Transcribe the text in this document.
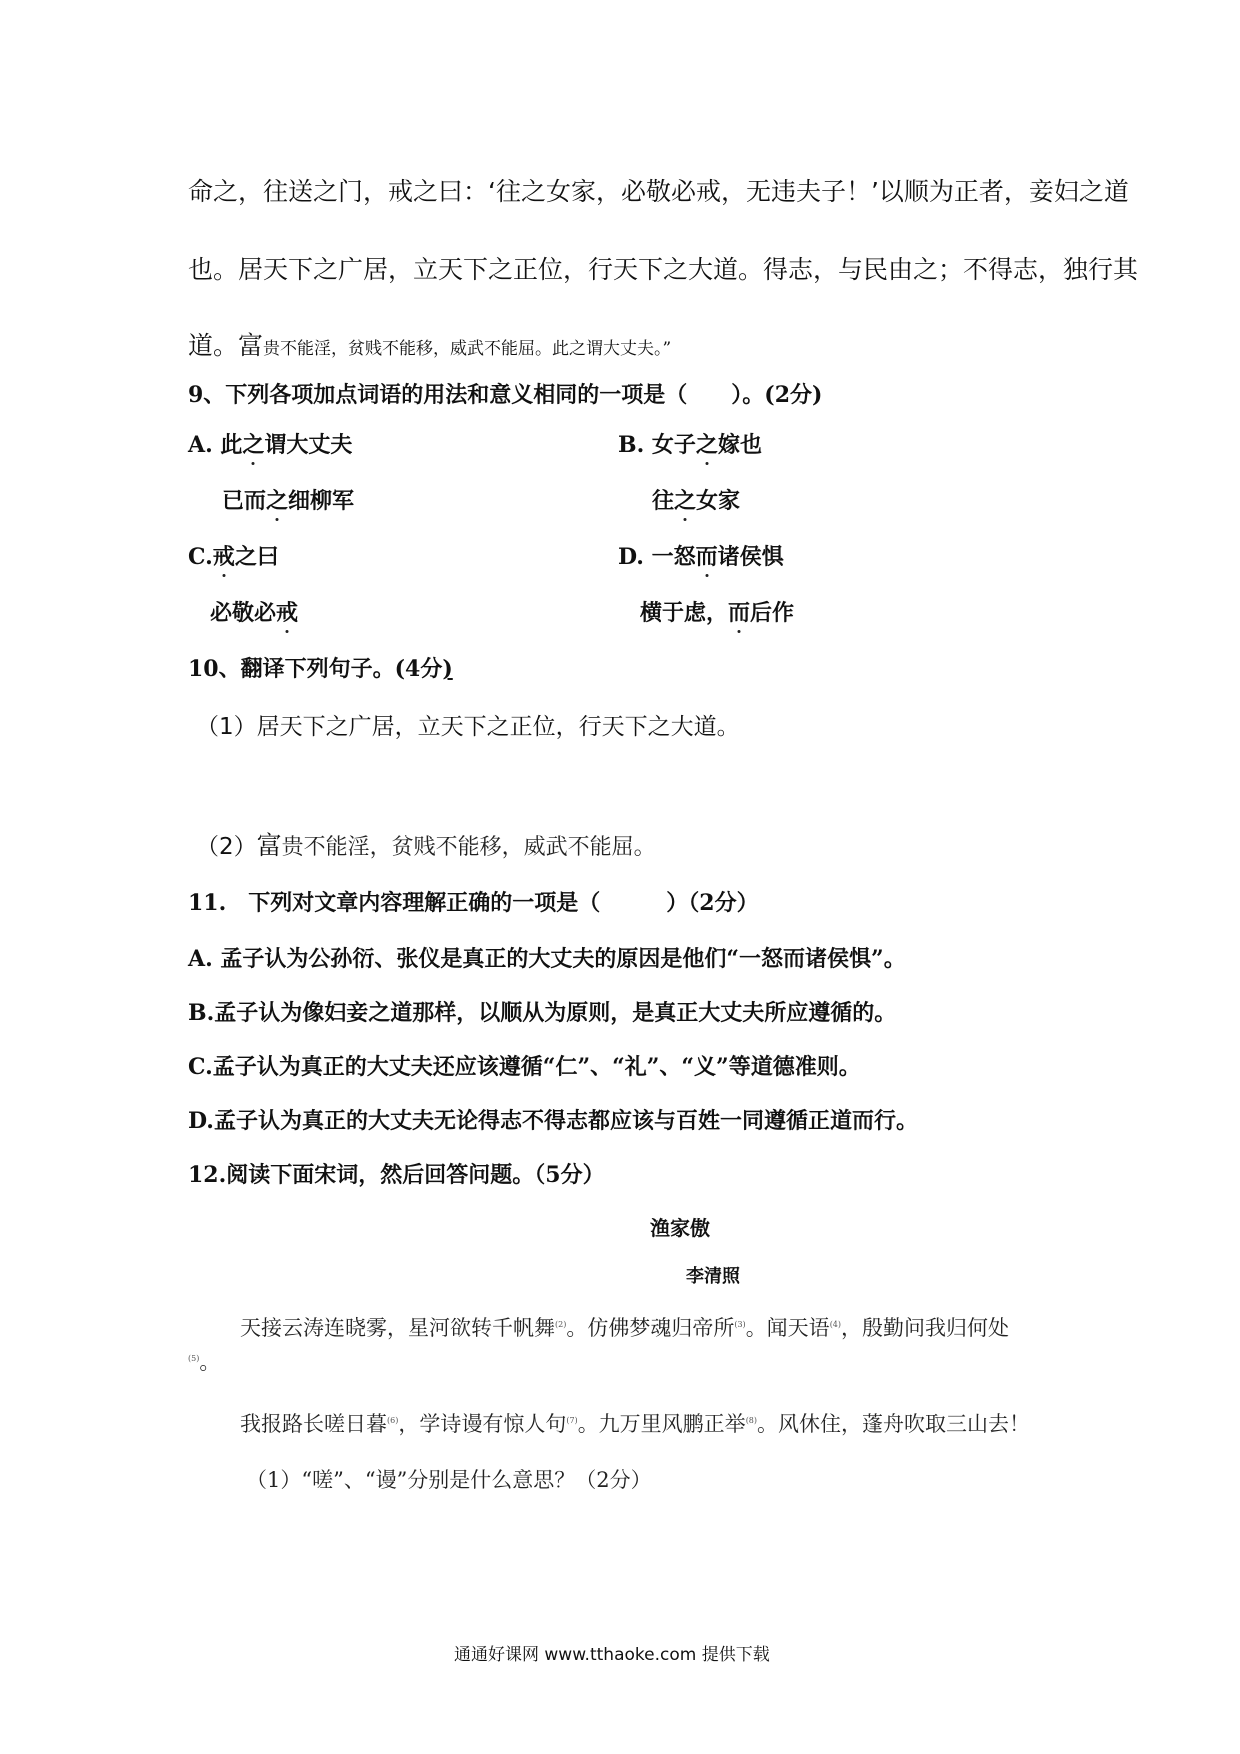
命之，往送之门，戒之曰：‘往之女家，必敬必戒，无违夫子！’以顺为正者，妾妇之道
也。居天下之广居，立天下之正位，行天下之大道。得志，与民由之；不得志，独行其
道。富贵不能淫，贫贱不能移，威武不能屈。此之谓大丈夫。”
9、下列各项加点词语的用法和意义相同的一项是（　　）。(2分)
A. 此之谓大丈夫	B. 女子之嫁也
已而之细柳军	往之女家
C.戒之曰	D. 一怒而诸侯惧
必敬必戒	横于虑，而后作
10、翻译下列句子。(4分)
（1）居天下之广居，立天下之正位，行天下之大道。
（2）富贵不能淫，贫贱不能移，威武不能屈。
11.　下列对文章内容理解正确的一项是（　　　）（2分）
A. 孟子认为公孙衍、张仪是真正的大丈夫的原因是他们“一怒而诸侯惧”。
B.孟子认为像妇妾之道那样，以顺从为原则，是真正大丈夫所应遵循的。
C.孟子认为真正的大丈夫还应该遵循“仁”、“礼”、“义”等道德准则。
D.孟子认为真正的大丈夫无论得志不得志都应该与百姓一同遵循正道而行。
12.阅读下面宋词，然后回答问题。（5分）
渔家傲
李清照
天接云涛连晓雾，星河欲转千帆舞$^{(2)}$。仿佛梦魂归帝所$^{(3)}$。闻天语$^{(4)}$，殷勤问我归何处
$^{(5)}$。
我报路长嗟日暮$^{(6)}$，学诗谩有惊人句$^{(7)}$。九万里风鹏正举$^{(8)}$。风休住，蓬舟吹取三山去！
（1）“嗟”、“谩”分别是什么意思？（2分）
通通好课网 www.tthaoke.com 提供下载
